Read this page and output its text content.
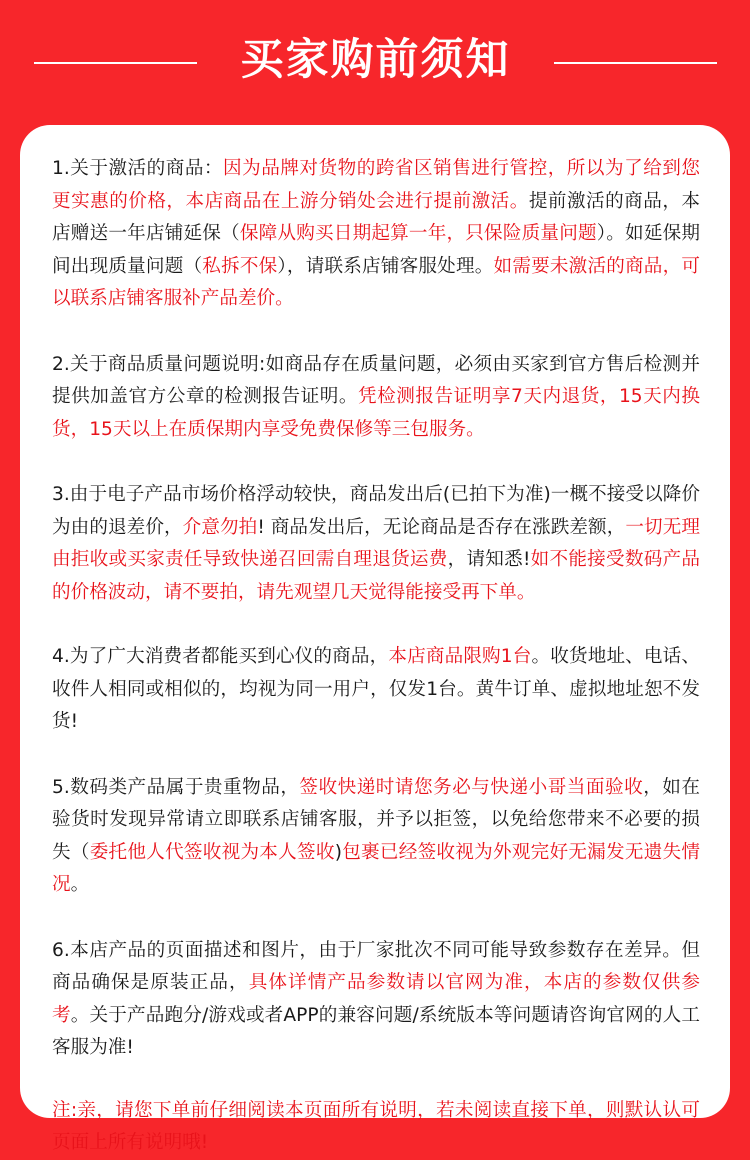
买家购前须知

1.关于激活的商品：因为品牌对货物的跨省区销售进行管控，所以为了给到您更实惠的价格，本店商品在上游分销处会进行提前激活。提前激活的商品，本店赠送一年店铺延保（保障从购买日期起算一年，只保险质量问题）。如延保期间出现质量问题（私拆不保），请联系店铺客服处理。如需要未激活的商品，可以联系店铺客服补产品差价。

2.关于商品质量问题说明:如商品存在质量问题，必须由买家到官方售后检测并提供加盖官方公章的检测报告证明。凭检测报告证明享7天内退货，15天内换货，15天以上在质保期内享受免费保修等三包服务。

3.由于电子产品市场价格浮动较快，商品发出后(已拍下为准)一概不接受以降价为由的退差价，介意勿拍! 商品发出后，无论商品是否存在涨跌差额，一切无理由拒收或买家责任导致快递召回需自理退货运费，请知悉!如不能接受数码产品的价格波动，请不要拍，请先观望几天觉得能接受再下单。

4.为了广大消费者都能买到心仪的商品，本店商品限购1台。收货地址、电话、收件人相同或相似的，均视为同一用户，仅发1台。黄牛订单、虚拟地址恕不发货!

5.数码类产品属于贵重物品，签收快递时请您务必与快递小哥当面验收，如在验货时发现异常请立即联系店铺客服，并予以拒签，以免给您带来不必要的损失（委托他人代签收视为本人签收)包裹已经签收视为外观完好无漏发无遗失情况。

6.本店产品的页面描述和图片，由于厂家批次不同可能导致参数存在差异。但商品确保是原装正品，具体详情产品参数请以官网为准，本店的参数仅供参考。关于产品跑分/游戏或者APP的兼容问题/系统版本等问题请咨询官网的人工客服为准!

注:亲，请您下单前仔细阅读本页面所有说明，若未阅读直接下单，则默认认可页面上所有说明哦!
